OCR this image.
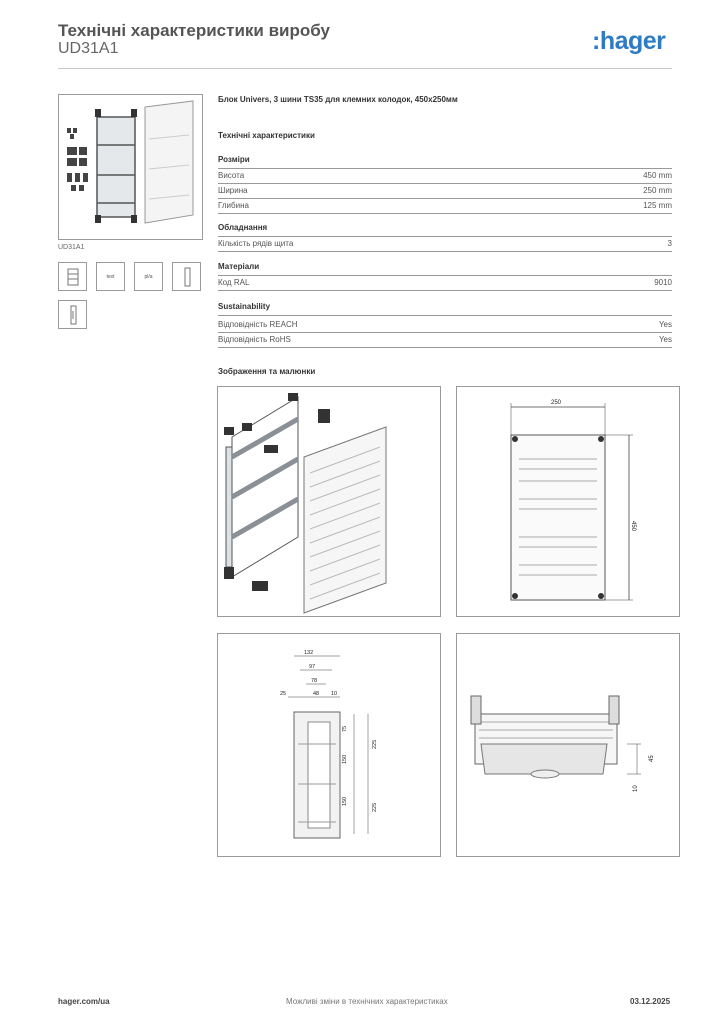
Технічні характеристики виробу
UD31A1	:hager
UD31A1
text	pl/a
Блок Univers, 3 шини TS35 для клемних колодок, 450x250мм
Технічні характеристики
Розміри
Висота	450 mm
Ширина	250 mm
Глибина	125 mm
Обладнання
Кількість рядів щита	3
Матеріали
Код RAL	9010
Sustainability
Відповідність REACH	Yes
Відповідність RoHS	Yes
Зображення та малюнки
250
450
132
97
78
25	48 10
75
150
225
150
225
45
10
hager.com/ua	Можливі зміни в технічних характеристиках	03.12.2025
